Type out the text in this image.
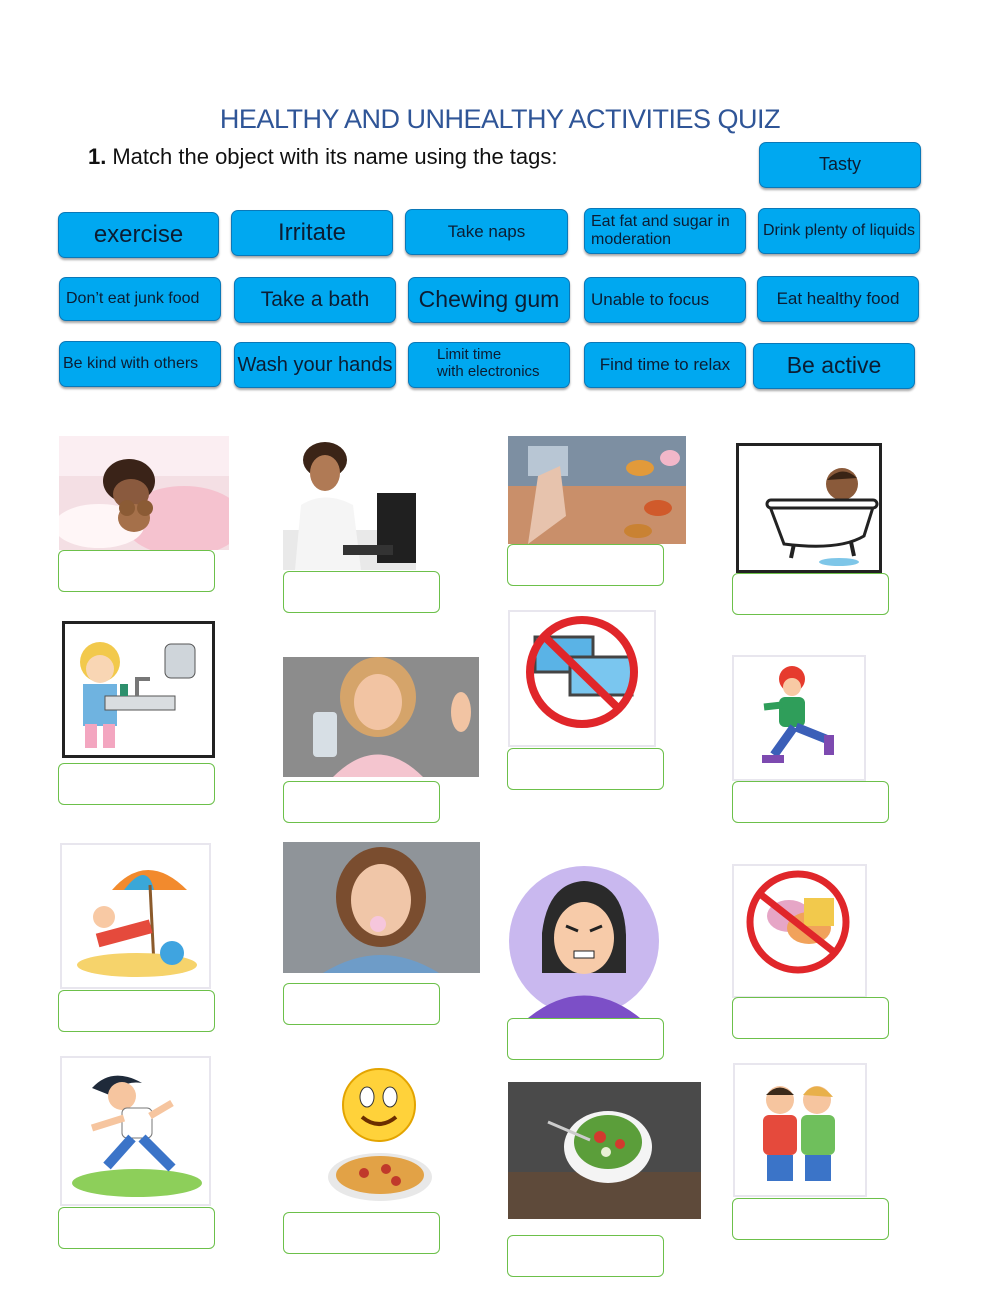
HEALTHY AND UNHEALTHY ACTIVITIES QUIZ
1. Match the object with its name using the tags:	Tasty
exercise	Irritate	Take naps
Eat fat and sugar in
moderation	Drink plenty of liquids
Don’t eat junk food	Take a bath	Chewing gum	Unable to focus	Eat healthy food
Be kind with others	Wash your hands	Limit time
with electronics	Find time to relax	Be active
